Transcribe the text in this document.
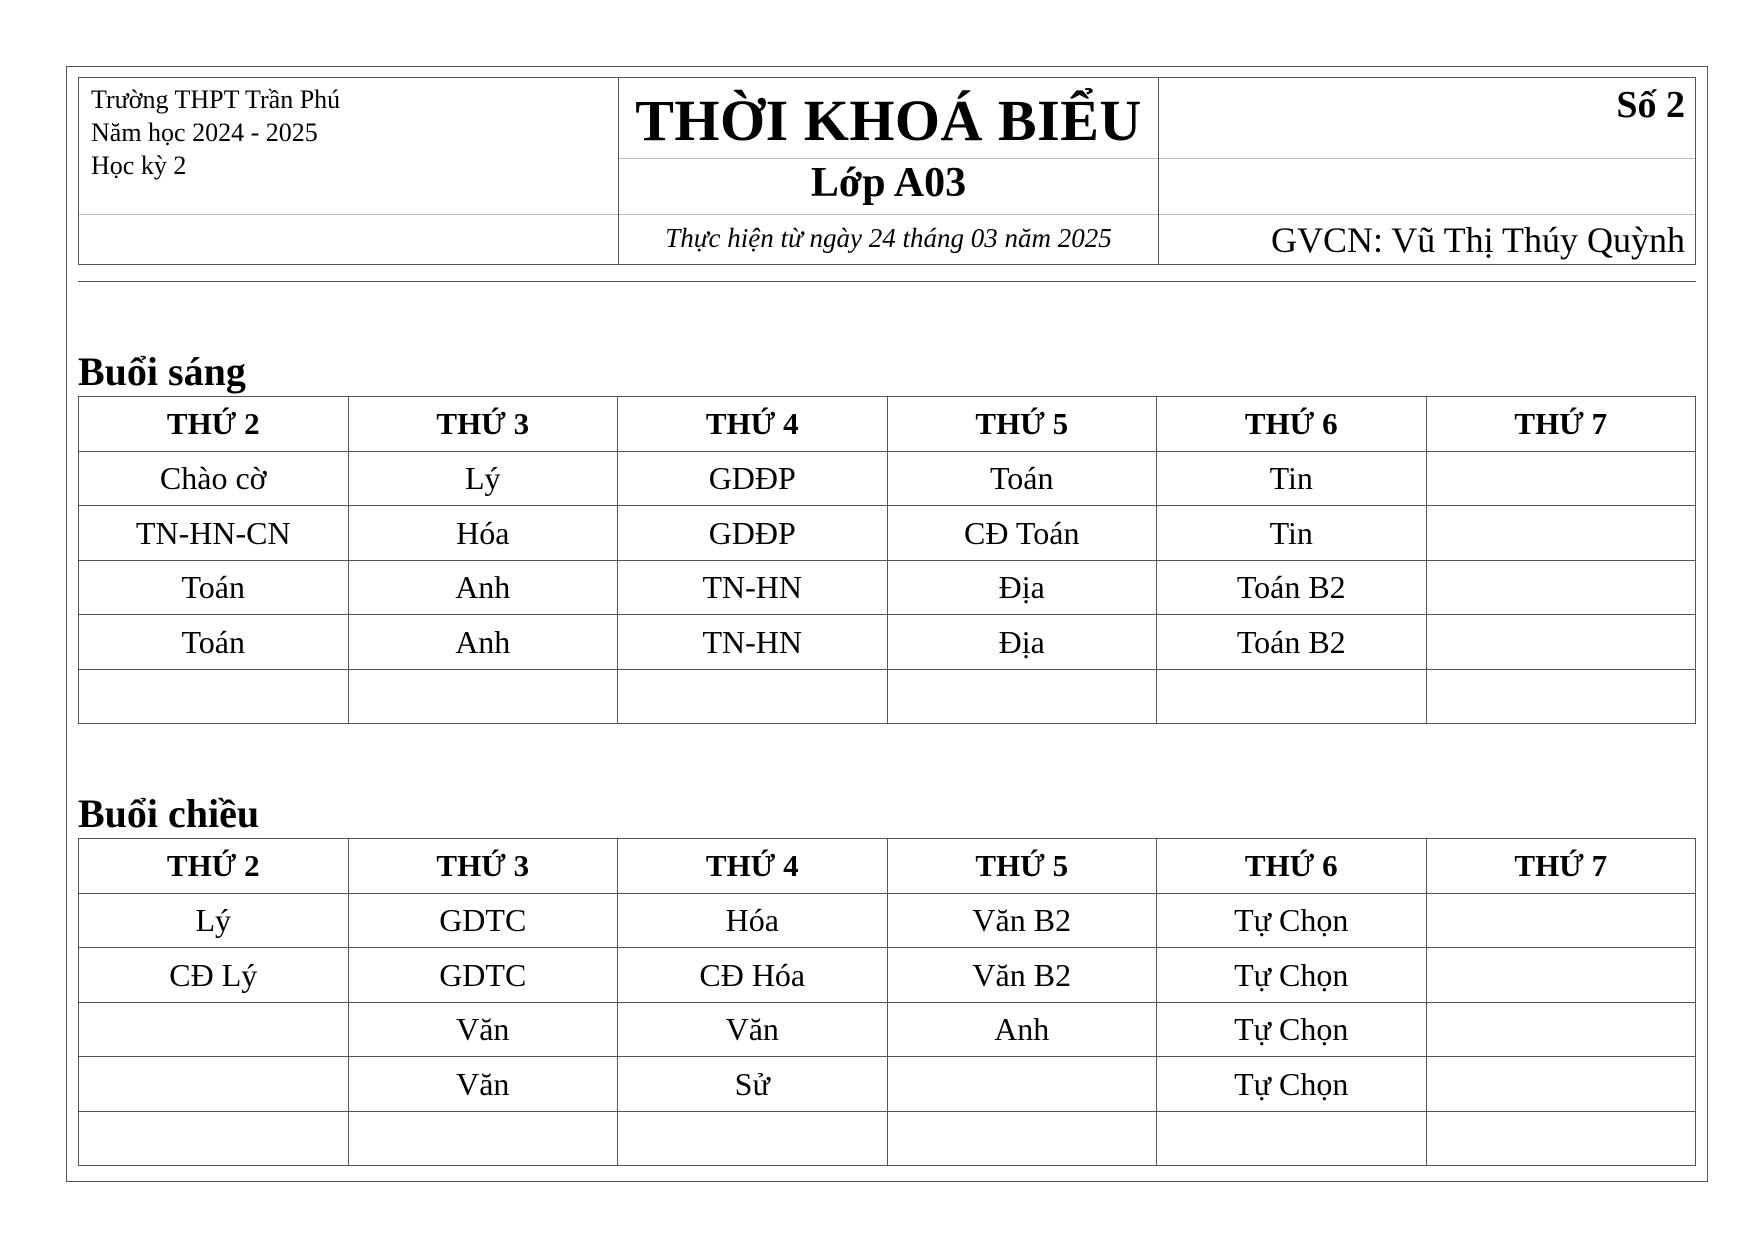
Trường THPT Trần Phú
Năm học 2024 - 2025
Học kỳ 2
THỜI KHOÁ BIỂU
Lớp A03
Thực hiện từ ngày 24 tháng 03 năm 2025
Số 2
GVCN: Vũ Thị Thúy Quỳnh
Buổi sáng
THỨ 2	THỨ 3	THỨ 4	THỨ 5	THỨ 6	THỨ 7
Chào cờ	Lý	GDĐP	Toán	Tin	
TN-HN-CN	Hóa	GDĐP	CĐ Toán	Tin	
Toán	Anh	TN-HN	Địa	Toán B2	
Toán	Anh	TN-HN	Địa	Toán B2	

Buổi chiều
THỨ 2	THỨ 3	THỨ 4	THỨ 5	THỨ 6	THỨ 7
Lý	GDTC	Hóa	Văn B2	Tự Chọn	
CĐ Lý	GDTC	CĐ Hóa	Văn B2	Tự Chọn	
	Văn	Văn	Anh	Tự Chọn	
	Văn	Sử		Tự Chọn	
